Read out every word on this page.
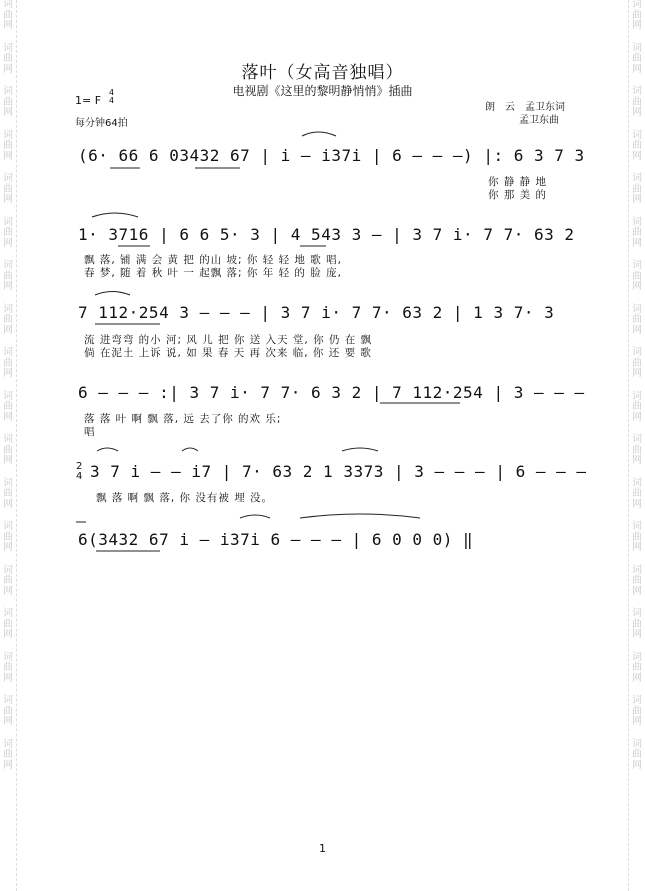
词
曲
网
词
曲
网
词
曲
网
词
曲
网
词
曲
网
词
曲
网
词
曲
网
词
曲
网
词
曲
网
词
曲
网
词
曲
网
词
曲
网
词
曲
网
词
曲
网
词
曲
网
词
曲
网
词
曲
网
词
曲
网
词
曲
网
词
曲
网
词
曲
网
词
曲
网
词
曲
网
词
曲
网
词
曲
网
词
曲
网
词
曲
网
词
曲
网
词
曲
网
词
曲
网
词
曲
网
词
曲
网
词
曲
网
词
曲
网
词
曲
网
词
曲
网
落叶（女高音独唱）
电视剧《这里的黎明静悄悄》插曲
1= F
4
4
每分钟64拍
朗　云 孟卫东词
孟卫东曲
(6· 66 6 03432 67 | i — i37i | 6 — — —) |: 6 3 7 3
你 静 静 地
你 那 美 的
1· 3716 | 6 6 5· 3 | 4 543 3 — | 3 7 i· 7 7· 63 2
飘 落, 铺 满 会 黄 把 的山 坡; 你 轻 轻 地 歌 唱,
春 梦, 随 着 秋 叶 一 起飘 落; 你 年 轻 的 脸 庞,
7 112·254 3 — — — | 3 7 i· 7 7· 63 2 | 1 3 7· 3
流 进弯弯 的小 河; 风 儿 把 你 送 入天 堂, 你 仍 在 飘
倘 在泥土 上诉 说, 如 果 春 天 再 次来 临, 你 还 要 歌
6 — — — :| 3 7 i· 7 7· 6 3 2 | 7 112·254 | 3 — — —
落 落 叶 啊 飘 落, 远 去了你 的欢 乐;
唱
2
4 3 7 i — — i7 | 7· 63 2 1 3373 | 3 — — — | 6 — — —
飘 落 啊 飘 落, 你 没有被 埋 没。
6(3432 67 i — i37i 6 — — — | 6 0 0 0) ‖
1
